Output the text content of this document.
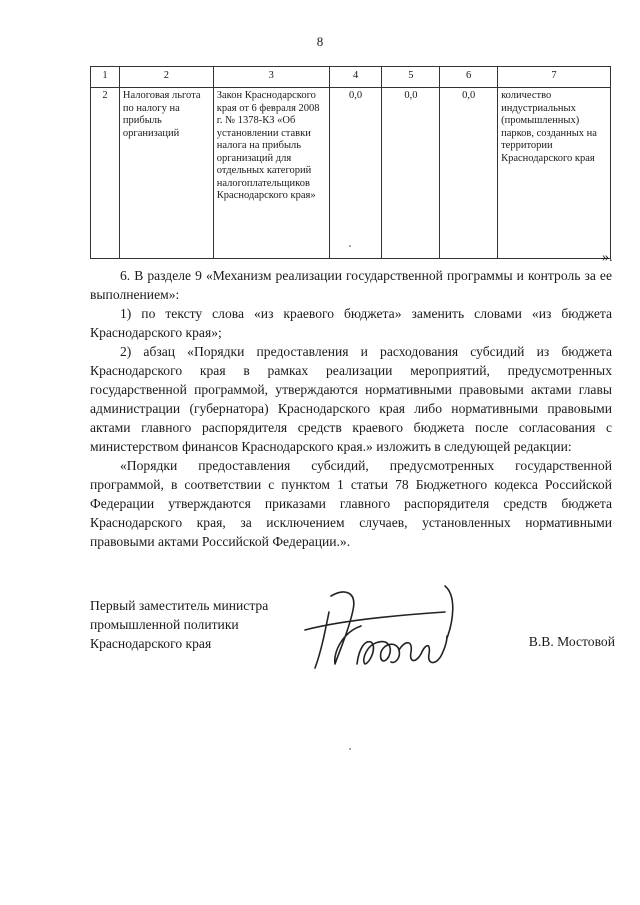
8
1	2	3	4	5	6	7
2	Налоговая льгота по налогу на прибыль организаций	Закон Краснодарского края от 6 февраля 2008 г. № 1378-КЗ «Об установлении ставки налога на прибыль организаций для отдельных категорий налогоплательщиков Краснодарского края»	0,0	0,0	0,0	количество индустриальных (промышленных) парков, созданных на территории Краснодарского края
».

6. В разделе 9 «Механизм реализации государственной программы и контроль за ее выполнением»:

1) по тексту слова «из краевого бюджета» заменить словами «из бюджета Краснодарского края»;

2) абзац «Порядки предоставления и расходования субсидий из бюджета Краснодарского края в рамках реализации мероприятий, предусмотренных государственной программой, утверждаются нормативными правовыми актами главы администрации (губернатора) Краснодарского края либо нормативными правовыми актами главного распорядителя средств краевого бюджета после согласования с министерством финансов Краснодарского края.» изложить в следующей редакции:

«Порядки предоставления субсидий, предусмотренных государственной программой, в соответствии с пунктом 1 статьи 78 Бюджетного кодекса Российской Федерации утверждаются приказами главного распорядителя средств бюджета Краснодарского края, за исключением случаев, установленных нормативными правовыми актами Российской Федерации.».

Первый заместитель министра
промышленной политики
Краснодарского края	В.В. Мостовой
